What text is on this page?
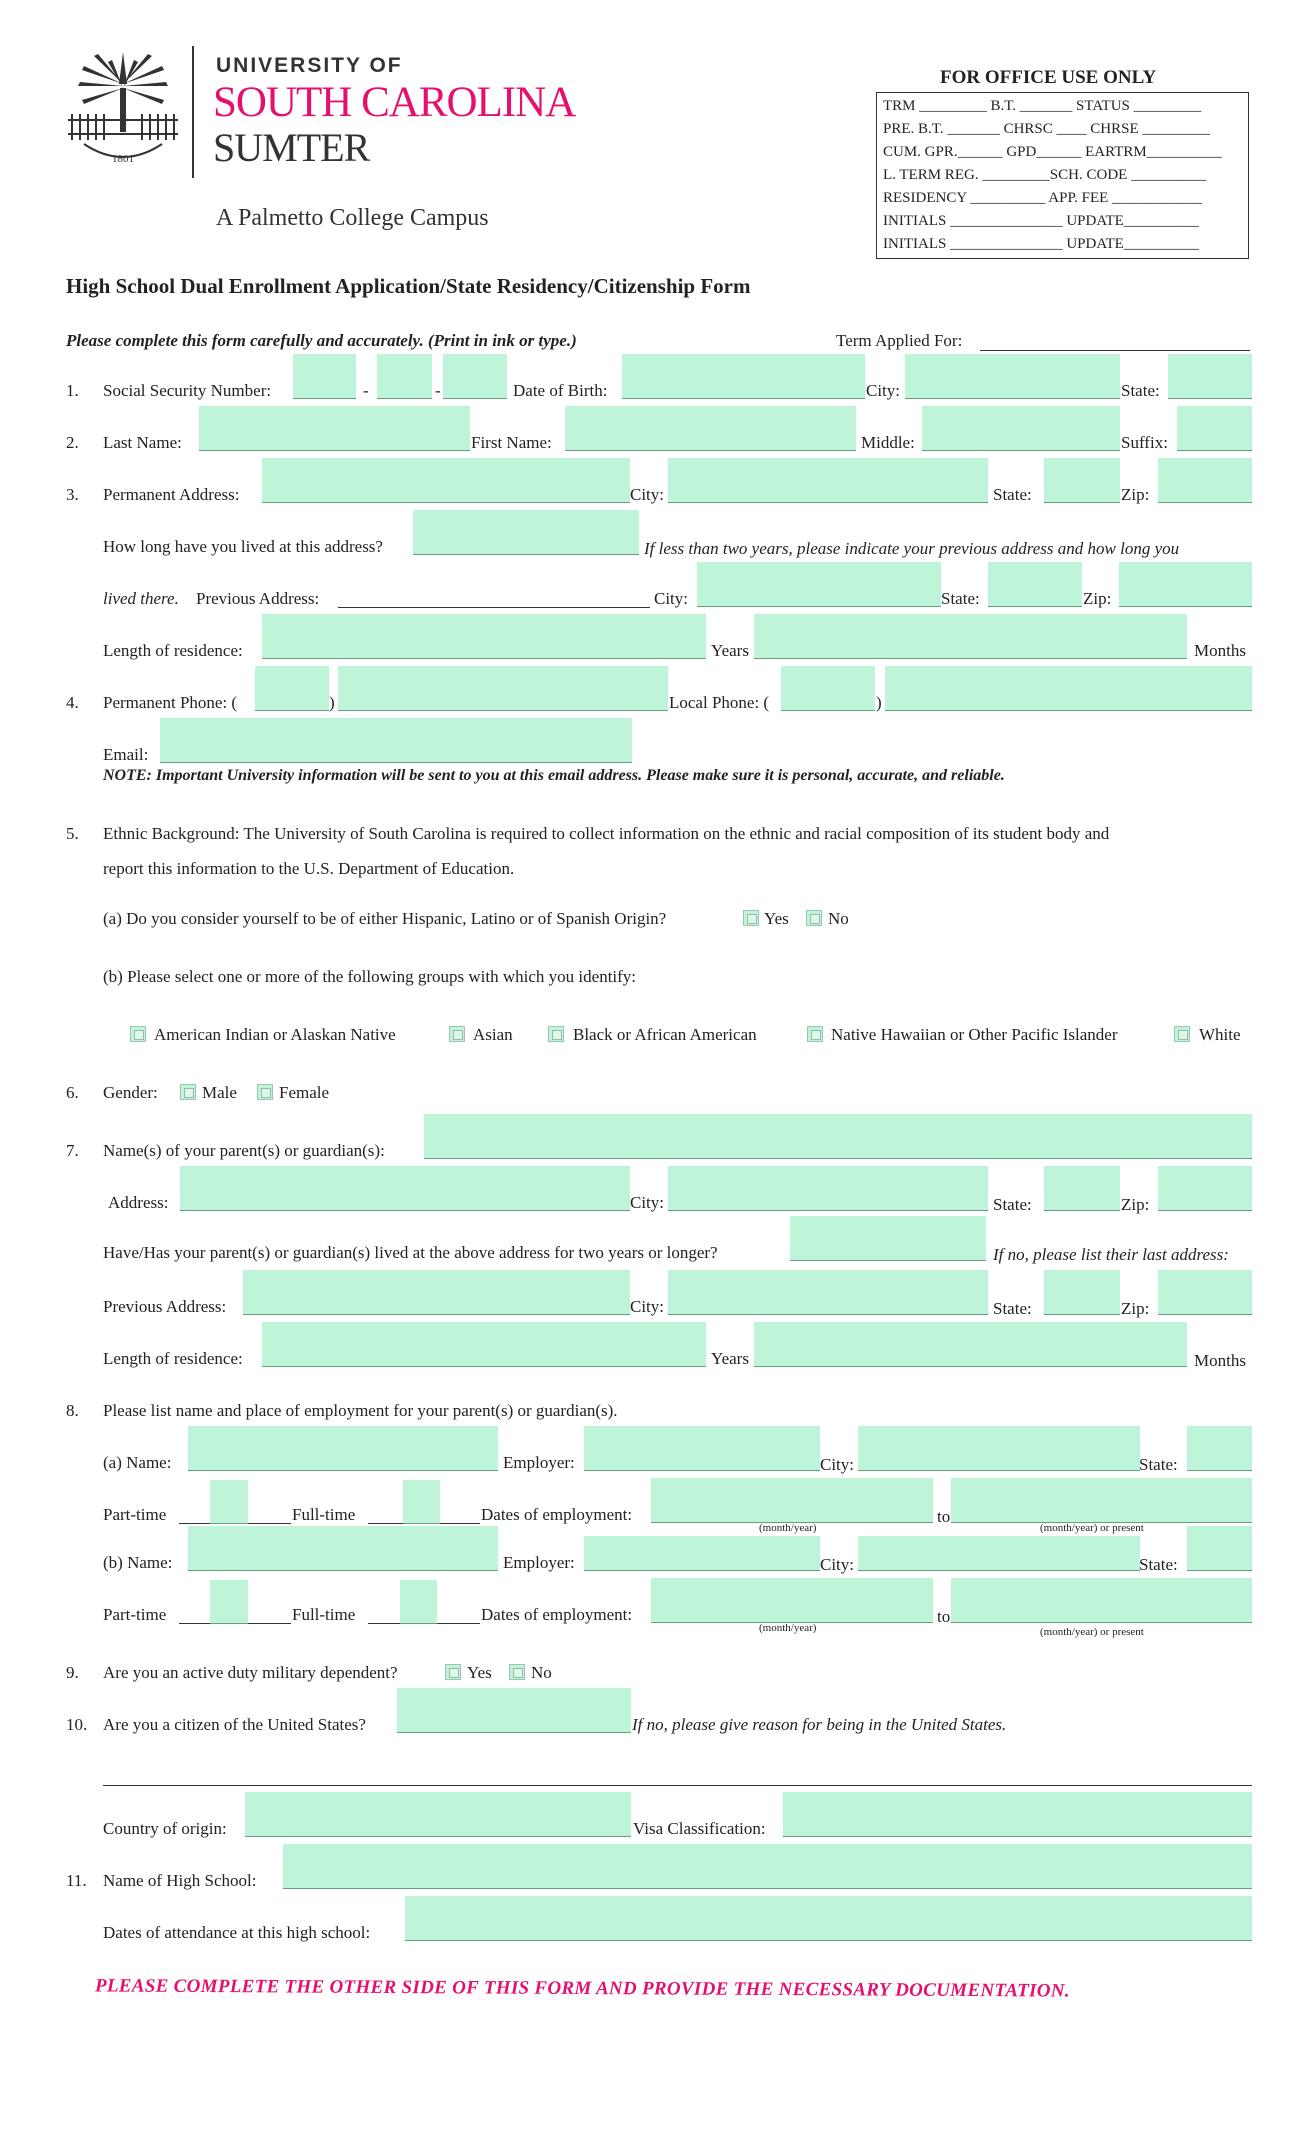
1801
UNIVERSITY OF
SOUTH CAROLINA
SUMTER
A Palmetto College Campus
FOR OFFICE USE ONLY
TRM _________ B.T. _______ STATUS _________
PRE. B.T. _______ CHRSC ____ CHRSE _________
CUM. GPR.______ GPD______ EARTRM__________
L. TERM REG. _________SCH. CODE __________
RESIDENCY __________ APP. FEE ____________
INITIALS _______________ UPDATE__________
INITIALS _______________ UPDATE__________
High School Dual Enrollment Application/State Residency/Citizenship Form
Please complete this form carefully and accurately. (Print in ink or type.)	Term Applied For:
1. Social Security Number:	-	-	Date of Birth:	City:	State:
2. Last Name:	First Name:	Middle:	Suffix:
3. Permanent Address:	City:	State:	Zip:
How long have you lived at this address?	If less than two years, please indicate your previous address and how long you
lived there. Previous Address:	City:	State:	Zip:
Length of residence:	Years	Months
4. Permanent Phone: (	)	Local Phone: (	)
Email:
NOTE: Important University information will be sent to you at this email address. Please make sure it is personal, accurate, and reliable.
5. Ethnic Background: The University of South Carolina is required to collect information on the ethnic and racial composition of its student body and
report this information to the U.S. Department of Education.
(a) Do you consider yourself to be of either Hispanic, Latino or of Spanish Origin?	Yes No
(b) Please select one or more of the following groups with which you identify:
American Indian or Alaskan Native	Asian	Black or African American	Native Hawaiian or Other Pacific Islander	White
6. Gender:	Male Female
7. Name(s) of your parent(s) or guardian(s):
Address:	City:	State:	Zip:
Have/Has your parent(s) or guardian(s) lived at the above address for two years or longer?	If no, please list their last address:
Previous Address:	City:	State:	Zip:
Length of residence:	Years	Months
8. Please list name and place of employment for your parent(s) or guardian(s).
(a) Name:	Employer:	City:	State:
Part-time	Full-time	Dates of employment:
(month/year)
to
(month/year) or present
(b) Name:	Employer:	City:	State:
Part-time	Full-time	Dates of employment:
(month/year)
to
(month/year) or present
9. Are you an active duty military dependent?	Yes No
10. Are you a citizen of the United States?	If no, please give reason for being in the United States.
Country of origin:	Visa Classification:
11. Name of High School:
Dates of attendance at this high school:
PLEASE COMPLETE THE OTHER SIDE OF THIS FORM AND PROVIDE THE NECESSARY DOCUMENTATION.
